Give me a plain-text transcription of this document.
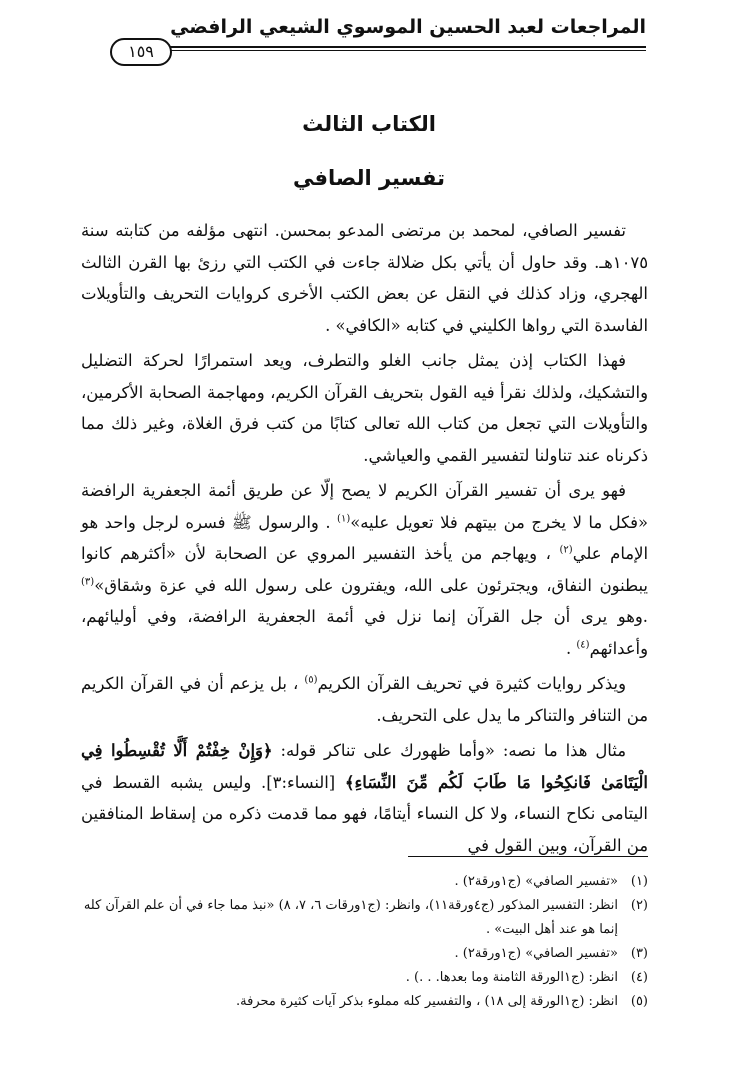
المراجعات لعبد الحسين الموسوي الشيعي الرافضي
١٥٩
الكتاب الثالث
تفسير الصافي

تفسير الصافي، لمحمد بن مرتضى المدعو بمحسن. انتهى مؤلفه من كتابته سنة ١٠٧٥هـ. وقد حاول أن يأتي بكل ضلالة جاءت في الكتب التي رزئ بها القرن الثالث الهجري، وزاد كذلك في النقل عن بعض الكتب الأخرى كروايات التحريف والتأويلات الفاسدة التي رواها الكليني في كتابه «الكافي» .

فهذا الكتاب إذن يمثل جانب الغلو والتطرف، ويعد استمرارًا لحركة التضليل والتشكيك، ولذلك نقرأ فيه القول بتحريف القرآن الكريم، ومهاجمة الصحابة الأكرمين، والتأويلات التي تجعل من كتاب الله تعالى كتابًا من كتب فرق الغلاة، وغير ذلك مما ذكرناه عند تناولنا لتفسير القمي والعياشي.

فهو يرى أن تفسير القرآن الكريم لا يصح إلّا عن طريق أئمة الجعفرية الرافضة «فكل ما لا يخرج من بيتهم فلا تعويل عليه»$^{(١)}$ . والرسول ﷺ فسره لرجل واحد هو الإمام علي$^{(٢)}$ ، ويهاجم من يأخذ التفسير المروي عن الصحابة لأن «أكثرهم كانوا يبطنون النفاق، ويجترئون على الله، ويفترون على رسول الله في عزة وشقاق»$^{(٣)}$ .وهو يرى أن جل القرآن إنما نزل في أئمة الجعفرية الرافضة، وفي أوليائهم، وأعدائهم$^{(٤)}$ .

ويذكر روايات كثيرة في تحريف القرآن الكريم$^{(٥)}$ ، بل يزعم أن في القرآن الكريم من التنافر والتناكر ما يدل على التحريف.

مثال هذا ما نصه: «وأما ظهورك على تناكر قوله: ﴿وَإِنْ خِفْتُمْ أَلَّا تُقْسِطُوا فِي الْيَتَامَىٰ فَانكِحُوا مَا طَابَ لَكُم مِّنَ النِّسَاءِ﴾ [النساء:٣]. وليس يشبه القسط في اليتامى نكاح النساء، ولا كل النساء أيتامًا، فهو مما قدمت ذكره من إسقاط المنافقين من القرآن، وبين القول في

(١)
«تفسير الصافي» (ج١ورقة٢) .
(٢)
انظر: التفسير المذكور (ج٤ورقة١١)، وانظر: (ج١ورقات ٦، ٧، ٨) «نبذ مما جاء في أن علم القرآن كله إنما هو عند أهل البيت» .
(٣)
«تفسير الصافي» (ج١ورقة٢) .
(٤)
انظر: (ج١الورقة الثامنة وما بعدها. . .) .
(٥)
انظر: (ج١الورقة إلى ١٨) ، والتفسير كله مملوء بذكر آيات كثيرة محرفة.
